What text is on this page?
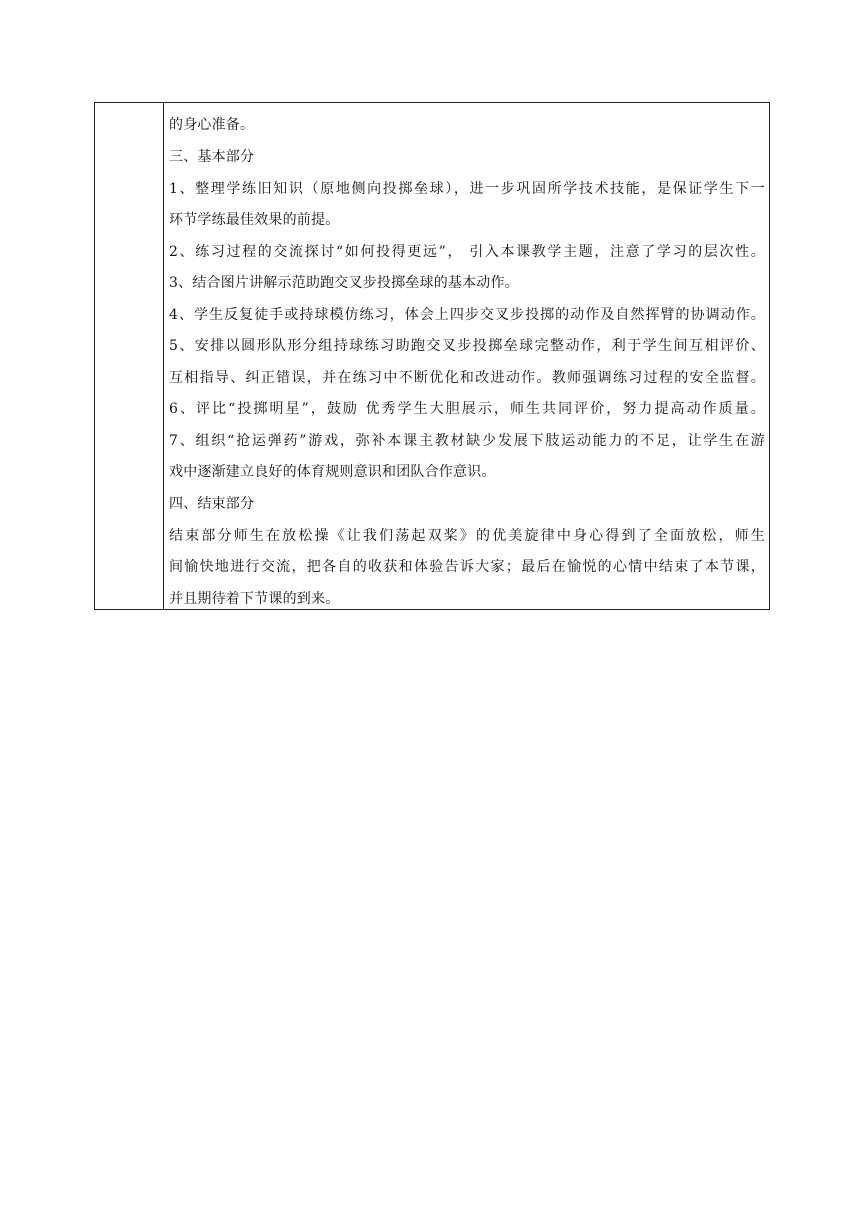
的身心准备。
三、基本部分
1、整理学练旧知识（原地侧向投掷垒球），进一步巩固所学技术技能，是保证学生下一
环节学练最佳效果的前提。
2、练习过程的交流探讨“如何投得更远”， 引入本课教学主题，注意了学习的层次性。
3、结合图片讲解示范助跑交叉步投掷垒球的基本动作。
4、学生反复徒手或持球模仿练习，体会上四步交叉步投掷的动作及自然挥臂的协调动作。
5、安排以圆形队形分组持球练习助跑交叉步投掷垒球完整动作，利于学生间互相评价、
互相指导、纠正错误，并在练习中不断优化和改进动作。教师强调练习过程的安全监督。
6、评比“投掷明星”，鼓励 优秀学生大胆展示，师生共同评价，努力提高动作质量。
7、组织“抢运弹药”游戏，弥补本课主教材缺少发展下肢运动能力的不足，让学生在游
戏中逐渐建立良好的体育规则意识和团队合作意识。
四、结束部分
结束部分师生在放松操《让我们荡起双桨》的优美旋律中身心得到了全面放松，师生
间愉快地进行交流，把各自的收获和体验告诉大家；最后在愉悦的心情中结束了本节课，
并且期待着下节课的到来。
